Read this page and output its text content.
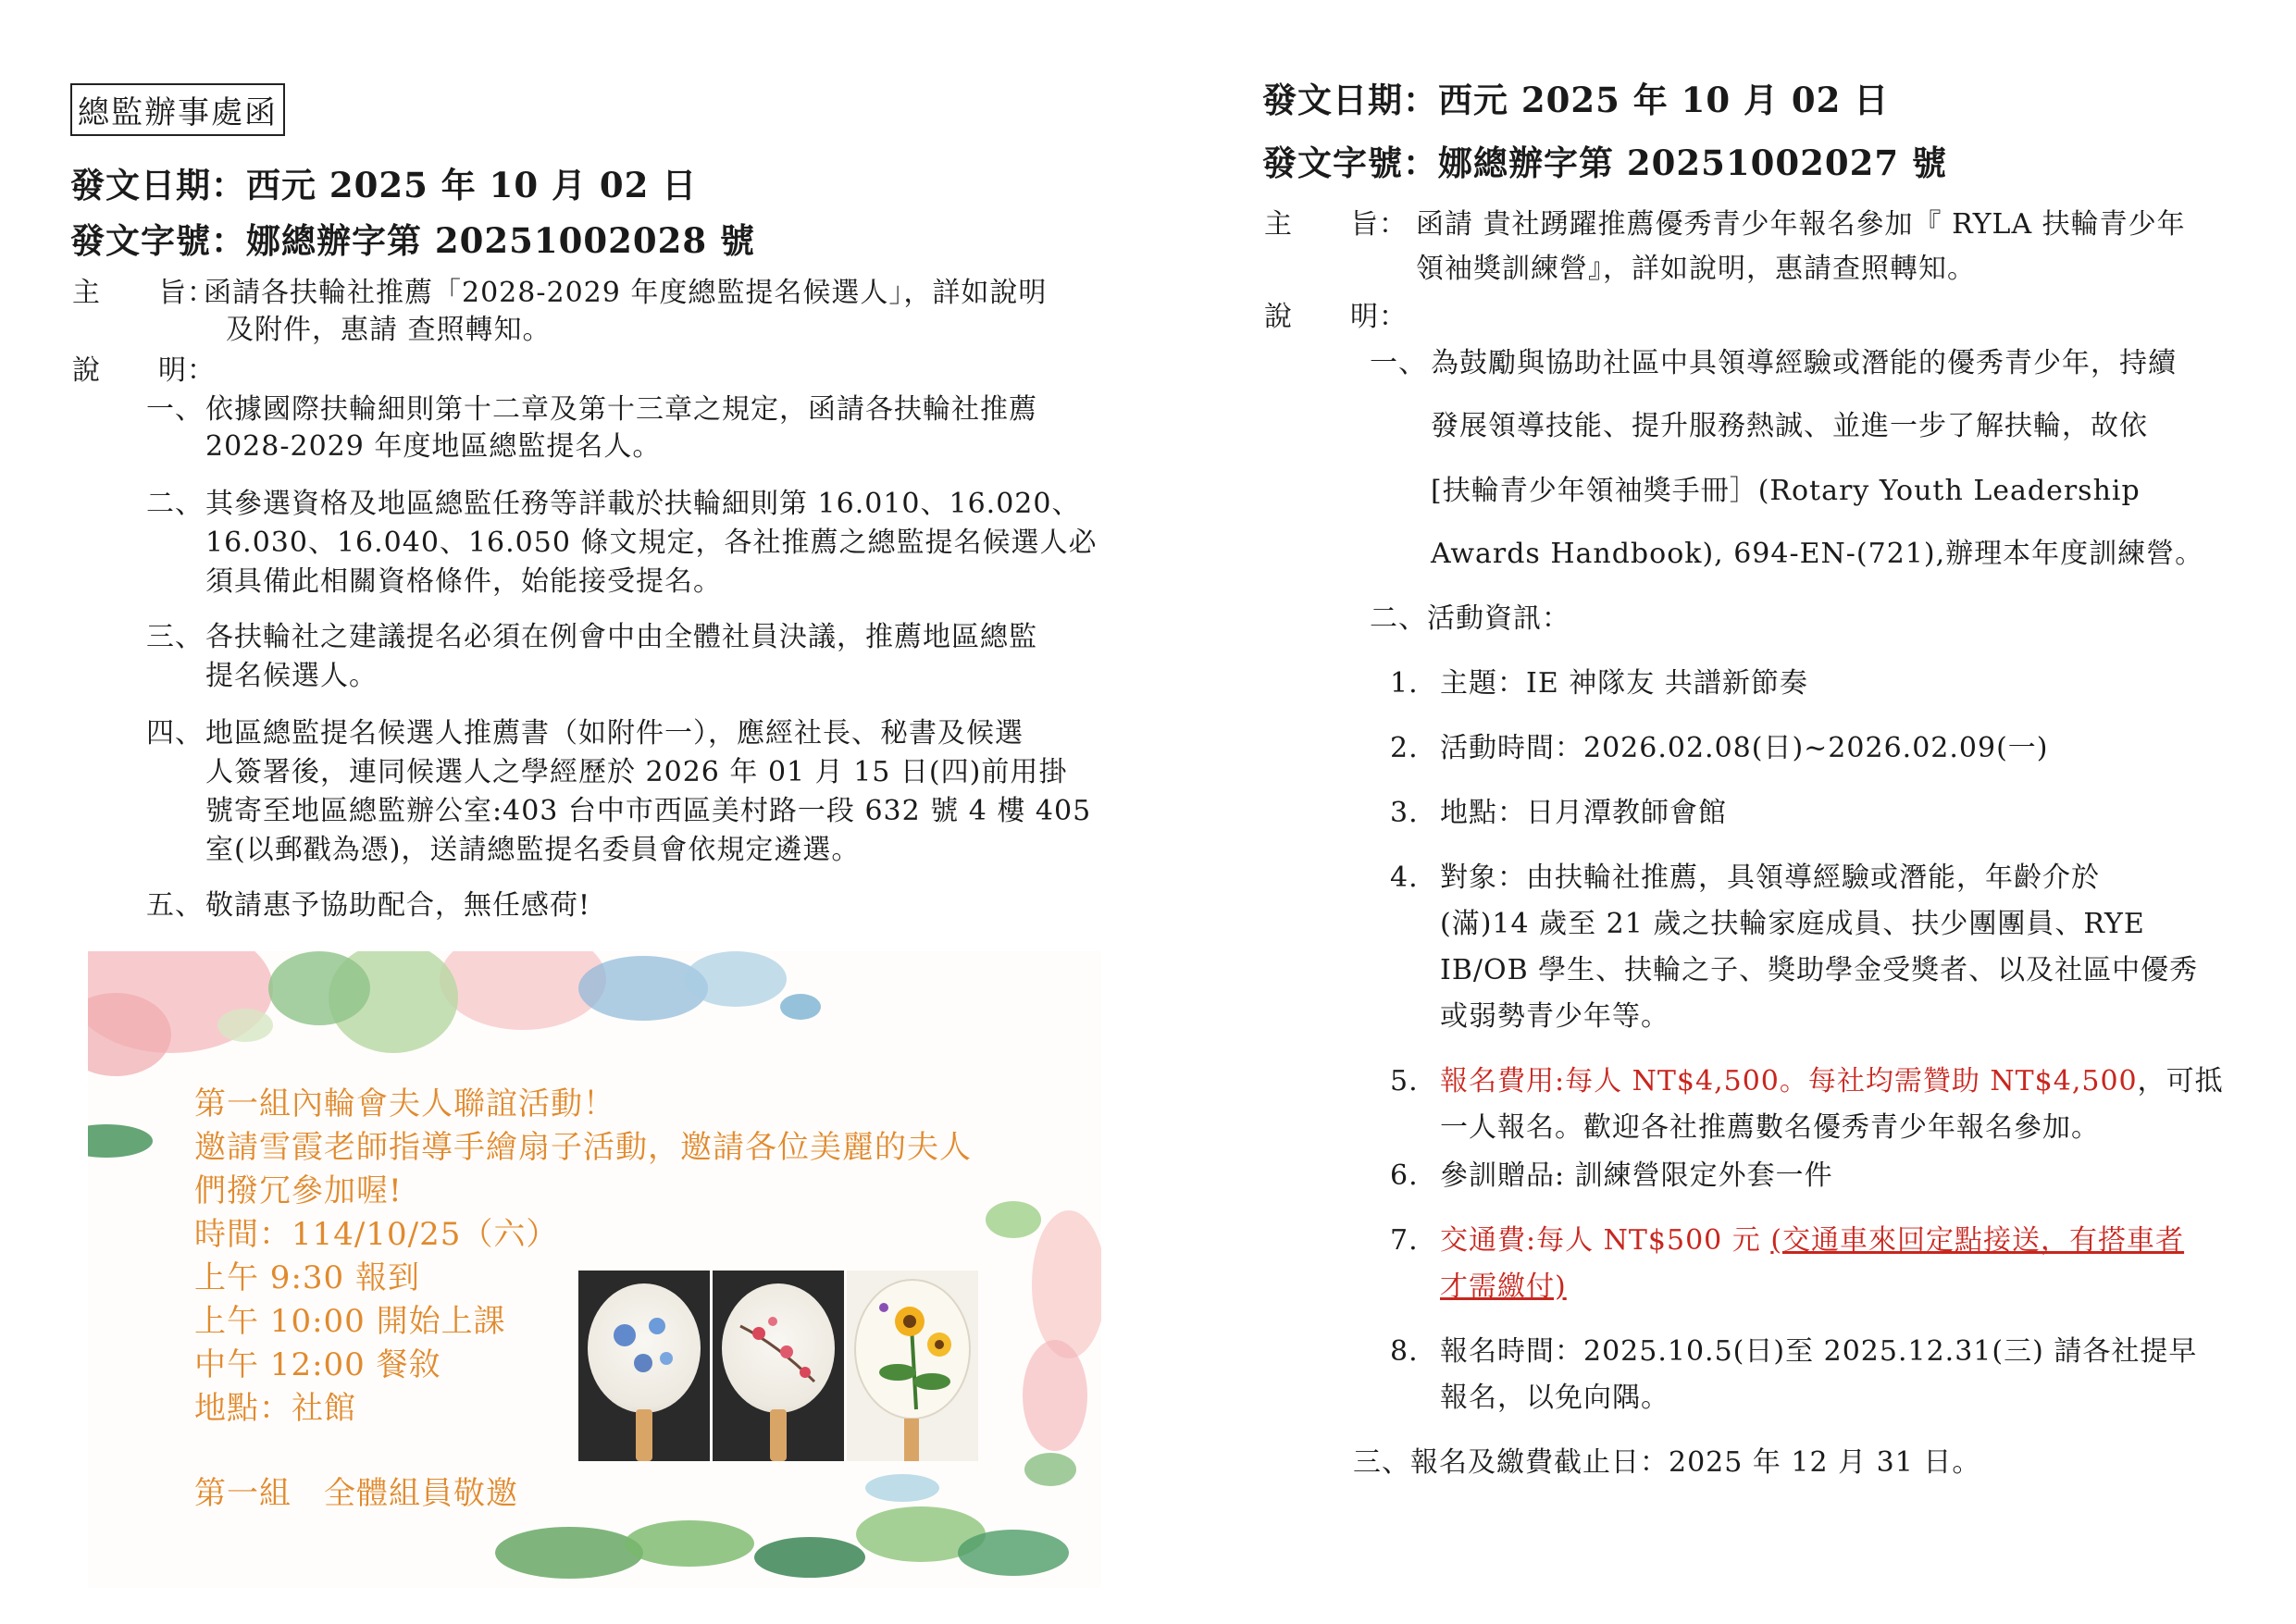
總監辦事處函
發文日期：西元 2025 年 10 月 02 日
發文字號：娜總辦字第 20251002028 號
主　　旨：
函請各扶輪社推薦「2028-2029 年度總監提名候選人」，詳如說明
及附件，惠請 查照轉知。
說　　明：
一、 依據國際扶輪細則第十二章及第十三章之規定，函請各扶輪社推薦
2028-2029 年度地區總監提名人。
二、 其參選資格及地區總監任務等詳載於扶輪細則第 16.010、16.020、
16.030、16.040、16.050 條文規定，各社推薦之總監提名候選人必
須具備此相關資格條件，始能接受提名。
三、 各扶輪社之建議提名必須在例會中由全體社員決議，推薦地區總監
提名候選人。
四、 地區總監提名候選人推薦書（如附件一），應經社長、秘書及候選
人簽署後，連同候選人之學經歷於 2026 年 01 月 15 日(四)前用掛
號寄至地區總監辦公室:403 台中市西區美村路一段 632 號 4 樓 405
室(以郵戳為憑)，送請總監提名委員會依規定遴選。
五、 敬請惠予協助配合，無任感荷!
第一組內輪會夫人聯誼活動！
邀請雪霞老師指導手繪扇子活動，邀請各位美麗的夫人
們撥冗參加喔!
時間：114/10/25（六）
上午 9:30 報到
上午 10:00 開始上課
中午 12:00 餐敘
地點：社館
第一組　全體組員敬邀
發文日期：西元 2025 年 10 月 02 日
發文字號：娜總辦字第 20251002027 號
主　　旨： 函請 貴社踴躍推薦優秀青少年報名參加『 RYLA 扶輪青少年
領袖獎訓練營』，詳如說明，惠請查照轉知。
說　　明：
一、 為鼓勵與協助社區中具領導經驗或潛能的優秀青少年，持續
發展領導技能、提升服務熱誠、並進一步了解扶輪，故依
[扶輪青少年領袖獎手冊］(Rotary Youth Leadership
Awards Handbook), 694-EN-(721),辦理本年度訓練營。
二、活動資訊：
1. 主題：IE 神隊友 共譜新節奏
2. 活動時間：2026.02.08(日)~2026.02.09(一)
3. 地點：日月潭教師會館
4. 對象：由扶輪社推薦，具領導經驗或潛能，年齡介於
(滿)14 歲至 21 歲之扶輪家庭成員、扶少團團員、RYE
IB/OB 學生、扶輪之子、獎助學金受獎者、以及社區中優秀
或弱勢青少年等。
5. 報名費用:每人 NT$4,500。每社均需贊助 NT$4,500，可抵
一人報名。歡迎各社推薦數名優秀青少年報名參加。
6. 參訓贈品: 訓練營限定外套一件
7. 交通費:每人 NT$500 元 (交通車來回定點接送，有搭車者
才需繳付)
8. 報名時間：2025.10.5(日)至 2025.12.31(三) 請各社提早
報名，以免向隅。
三、報名及繳費截止日：2025 年 12 月 31 日。
